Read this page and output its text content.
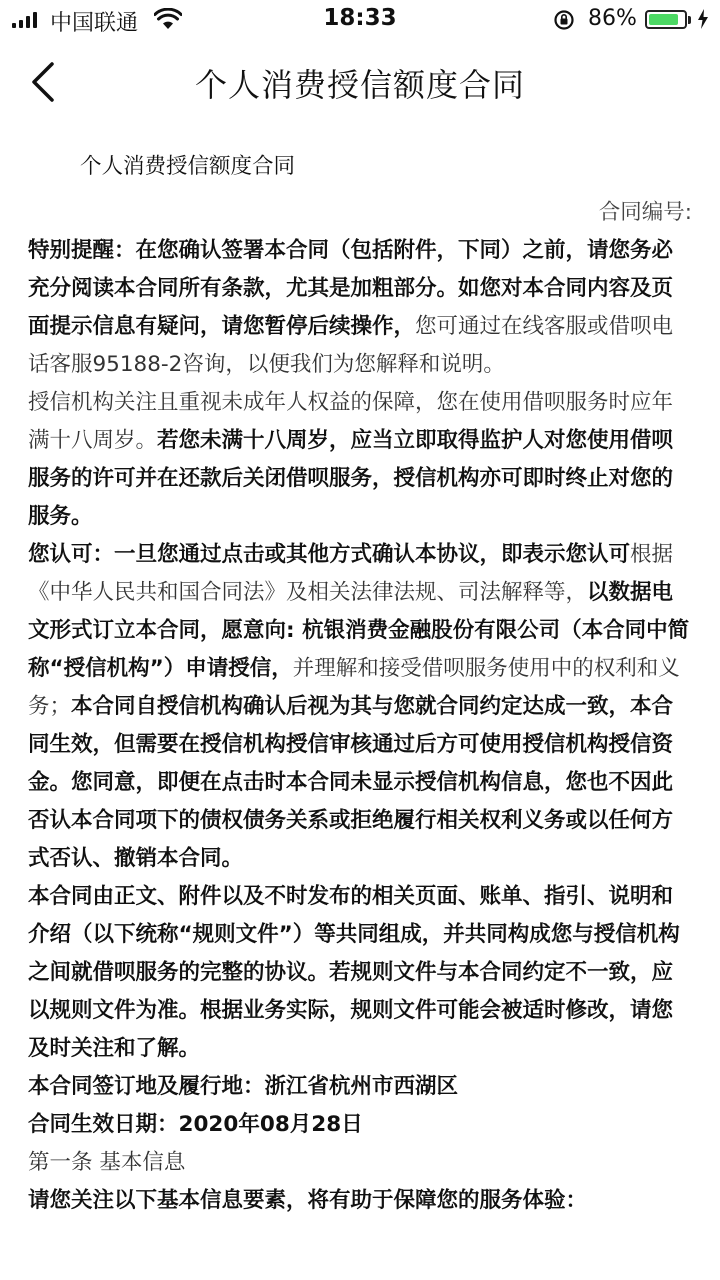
中国联通	18:33	86%
个人消费授信额度合同

个人消费授信额度合同

合同编号:

特别提醒：在您确认签署本合同（包括附件，下同）之前，请您务必充分阅读本合同所有条款，尤其是加粗部分。如您对本合同内容及页面提示信息有疑问，请您暂停后续操作，您可通过在线客服或借呗电话客服95188-2咨询，以便我们为您解释和说明。

授信机构关注且重视未成年人权益的保障，您在使用借呗服务时应年满十八周岁。若您未满十八周岁，应当立即取得监护人对您使用借呗服务的许可并在还款后关闭借呗服务，授信机构亦可即时终止对您的服务。

您认可：一旦您通过点击或其他方式确认本协议，即表示您认可根据《中华人民共和国合同法》及相关法律法规、司法解释等，以数据电文形式订立本合同，愿意向: 杭银消费金融股份有限公司（本合同中简称“授信机构”）申请授信，并理解和接受借呗服务使用中的权利和义务；本合同自授信机构确认后视为其与您就合同约定达成一致，本合同生效，但需要在授信机构授信审核通过后方可使用授信机构授信资金。您同意，即便在点击时本合同未显示授信机构信息，您也不因此否认本合同项下的债权债务关系或拒绝履行相关权利义务或以任何方式否认、撤销本合同。

本合同由正文、附件以及不时发布的相关页面、账单、指引、说明和介绍（以下统称“规则文件”）等共同组成，并共同构成您与授信机构之间就借呗服务的完整的协议。若规则文件与本合同约定不一致，应以规则文件为准。根据业务实际，规则文件可能会被适时修改，请您及时关注和了解。

本合同签订地及履行地：浙江省杭州市西湖区

合同生效日期：2020年08月28日

第一条 基本信息

请您关注以下基本信息要素，将有助于保障您的服务体验：
